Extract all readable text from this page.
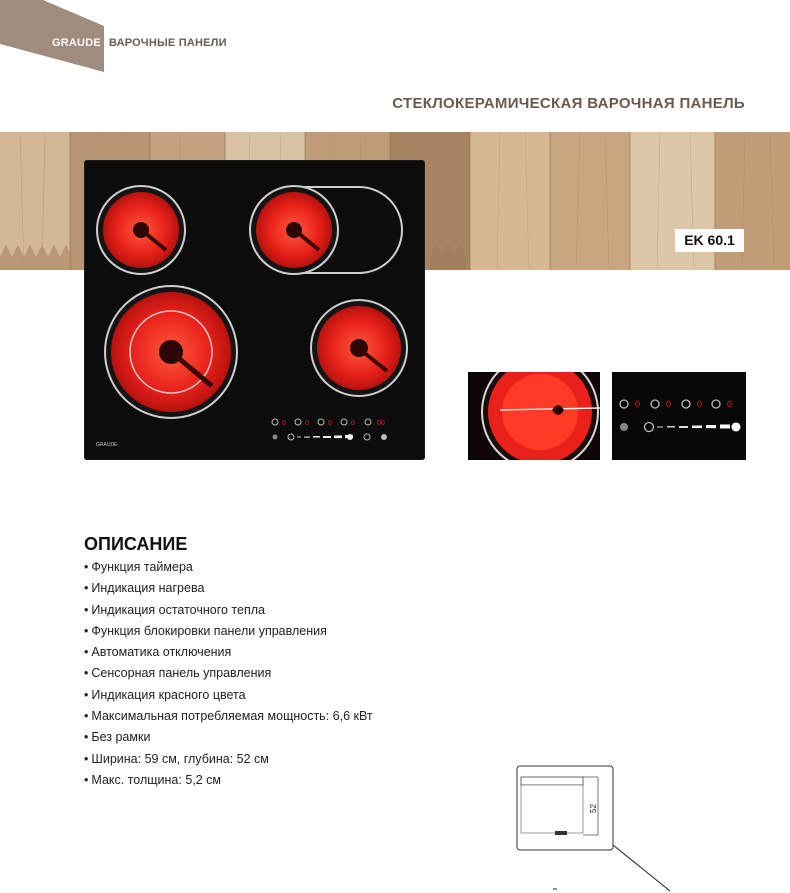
GRAUDE ВАРОЧНЫЕ ПАНЕЛИ
СТЕКЛОКЕРАМИЧЕСКАЯ ВАРОЧНАЯ ПАНЕЛЬ
0	0	0	0	00
GRAUDE
EK 60.1
0	0	0	0
ОПИСАНИЕ
• Функция таймера
• Индикация нагрева
• Индикация остаточного тепла
• Функция блокировки панели управления
• Автоматика отключения
• Сенсорная панель управления
• Индикация красного цвета
• Максимальная потребляемая мощность: 6,6 кВт
• Без рамки
• Ширина: 59 см, глубина: 52 см
• Макс. толщина: 5,2 см
52
